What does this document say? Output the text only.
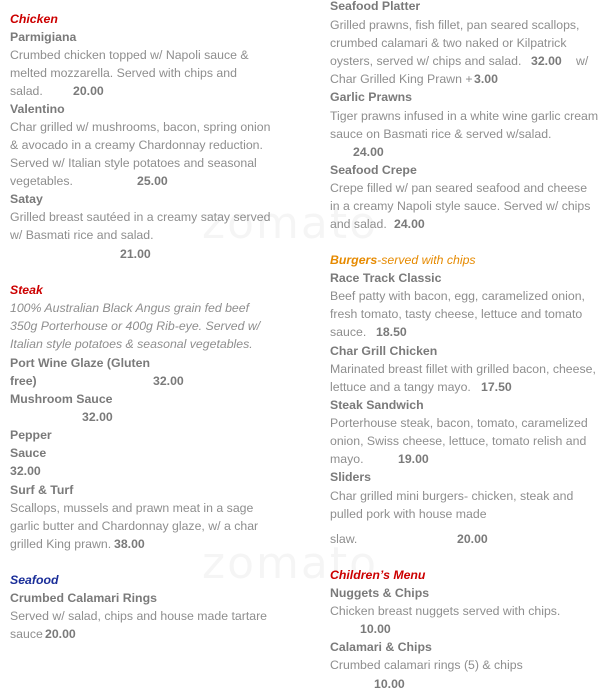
Chicken
Parmigiana
Crumbed chicken topped w/ Napoli sauce &
melted mozzarella. Served with chips and
salad. 20.00
Valentino
Char grilled w/ mushrooms, bacon, spring onion
& avocado in a creamy Chardonnay reduction.
Served w/ Italian style potatoes and seasonal
vegetables.	25.00
Satay
Grilled breast sautéed in a creamy satay served
w/ Basmati rice and salad.
21.00
Steak
100% Australian Black Angus grain fed beef
350g Porterhouse or 400g Rib-eye. Served w/
Italian style potatoes & seasonal vegetables.
Port Wine Glaze (Gluten
free)	32.00
Mushroom Sauce
32.00
Pepper
Sauce
32.00
Surf & Turf
Scallops, mussels and prawn meat in a sage
garlic butter and Chardonnay glaze, w/ a char
grilled King prawn. 38.00
Seafood
Crumbed Calamari Rings
Served w/ salad, chips and house made tartare
sauce 20.00
Seafood Platter
Grilled prawns, fish fillet, pan seared scallops,
crumbed calamari & two naked or Kilpatrick
oysters, served w/ chips and salad. 32.00 w/
Char Grilled King Prawn + 3.00
Garlic Prawns
Tiger prawns infused in a white wine garlic cream
sauce on Basmati rice & served w/salad.
24.00
Seafood Crepe
Crepe filled w/ pan seared seafood and cheese
in a creamy Napoli style sauce. Served w/ chips
and salad. 24.00
Burgers-served with chips
Race Track Classic
Beef patty with bacon, egg, caramelized onion,
fresh tomato, tasty cheese, lettuce and tomato
sauce. 18.50
Char Grill Chicken
Marinated breast fillet with grilled bacon, cheese,
lettuce and a tangy mayo. 17.50
Steak Sandwich
Porterhouse steak, bacon, tomato, caramelized
onion, Swiss cheese, lettuce, tomato relish and
mayo.	19.00
Sliders
Char grilled mini burgers- chicken, steak and
pulled pork with house made
slaw.	20.00
Children’s Menu
Nuggets & Chips
Chicken breast nuggets served with chips.
10.00
Calamari & Chips
Crumbed calamari rings (5) & chips
10.00
